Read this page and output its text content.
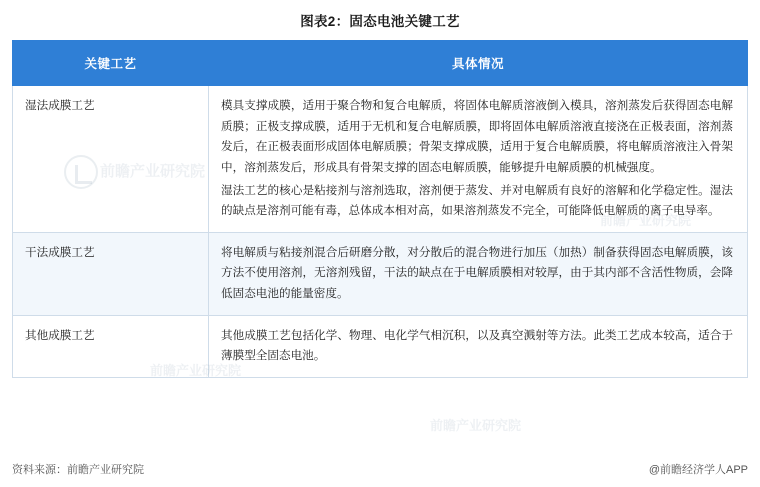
图表2：固态电池关键工艺
关键工艺	具体情况
湿法成膜工艺	模具支撑成膜，适用于聚合物和复合电解质，将固体电解质溶液倒入模具，溶剂蒸发后获得固态电解质膜；正极支撑成膜，适用于无机和复合电解质膜，即将固体电解质溶液直接浇在正极表面，溶剂蒸发后，在正极表面形成固体电解质膜；骨架支撑成膜，适用于复合电解质膜，将电解质溶液注入骨架中，溶剂蒸发后，形成具有骨架支撑的固态电解质膜，能够提升电解质膜的机械强度。

湿法工艺的核心是粘接剂与溶剂选取，溶剂便于蒸发、并对电解质有良好的溶解和化学稳定性。湿法的缺点是溶剂可能有毒，总体成本相对高，如果溶剂蒸发不完全，可能降低电解质的离子电导率。

干法成膜工艺	将电解质与粘接剂混合后研磨分散，对分散后的混合物进行加压（加热）制备获得固态电解质膜，该方法不使用溶剂，无溶剂残留，干法的缺点在于电解质膜相对较厚，由于其内部不含活性物质，会降低固态电池的能量密度。

其他成膜工艺	其他成膜工艺包括化学、物理、电化学气相沉积，以及真空溅射等方法。此类工艺成本较高，适合于薄膜型全固态电池。

前瞻产业研究院
资料来源：前瞻产业研究院	@前瞻经济学人APP
